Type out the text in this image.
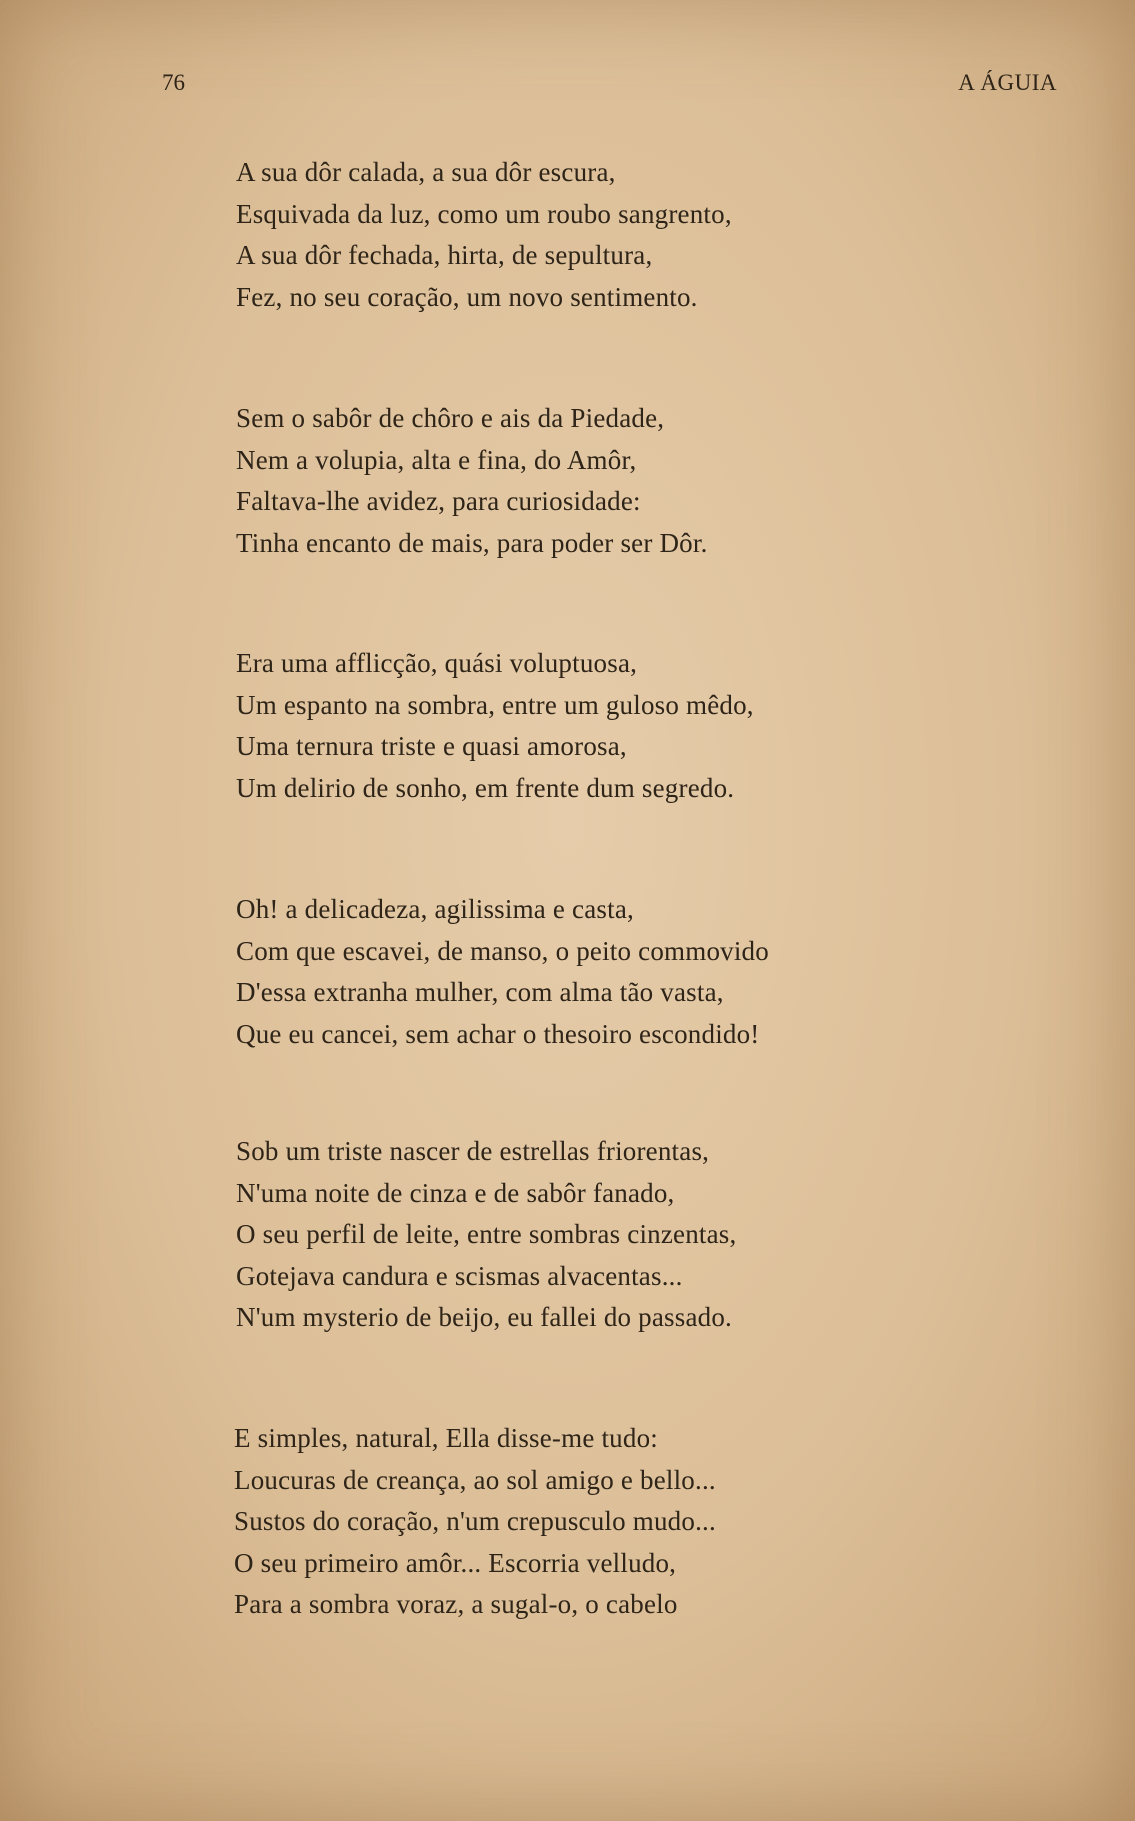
76	A ÁGUIA
A sua dôr calada, a sua dôr escura,
Esquivada da luz, como um roubo sangrento,
A sua dôr fechada, hirta, de sepultura,
Fez, no seu coração, um novo sentimento.
Sem o sabôr de chôro e ais da Piedade,
Nem a volupia, alta e fina, do Amôr,
Faltava-lhe avidez, para curiosidade:
Tinha encanto de mais, para poder ser Dôr.
Era uma afflicção, quási voluptuosa,
Um espanto na sombra, entre um guloso mêdo,
Uma ternura triste e quasi amorosa,
Um delirio de sonho, em frente dum segredo.
Oh! a delicadeza, agilissima e casta,
Com que escavei, de manso, o peito commovido
D'essa extranha mulher, com alma tão vasta,
Que eu cancei, sem achar o thesoiro escondido!
Sob um triste nascer de estrellas friorentas,
N'uma noite de cinza e de sabôr fanado,
O seu perfil de leite, entre sombras cinzentas,
Gotejava candura e scismas alvacentas...
N'um mysterio de beijo, eu fallei do passado.
E simples, natural, Ella disse-me tudo:
Loucuras de creança, ao sol amigo e bello...
Sustos do coração, n'um crepusculo mudo...
O seu primeiro amôr... Escorria velludo,
Para a sombra voraz, a sugal-o, o cabelo
